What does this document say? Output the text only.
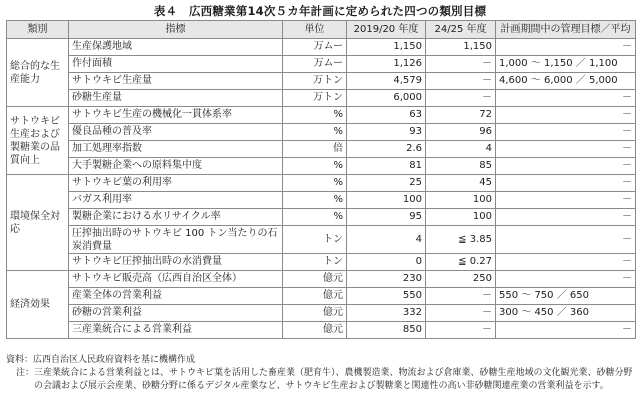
表４　広西糖業第14次５カ年計画に定められた四つの類別目標
類別	指標	単位	2019/20 年度	24/25 年度	計画期間中の管理目標／平均
総合的な生産能力	生産保護地域	万ムー	1,150	1,150	－
	作付面積	万ムー	1,126	－	1,000 ～ 1,150 ／ 1,100
	サトウキビ生産量	万トン	4,579	－	4,600 ～ 6,000 ／ 5,000
	砂糖生産量	万トン	6,000	－	－
サトウキビ生産および製糖業の品質向上	サトウキビ生産の機械化一貫体系率	%	63	72	－
	優良品種の普及率	%	93	96	－
	加工処理率指数	倍	2.6	4	－
	大手製糖企業への原料集中度	%	81	85	－
環境保全対応	サトウキビ葉の利用率	%	25	45	－
	バガス利用率	%	100	100	－
	製糖企業における水リサイクル率	%	95	100	－
	圧搾抽出時のサトウキビ 100 トン当たりの石炭消費量	トン	4	≦ 3.85	－
	サトウキビ圧搾抽出時の水消費量	トン	0	≦ 0.27	－
経済効果	サトウキビ販売高（広西自治区全体）	億元	230	250	－
	産業全体の営業利益	億元	550	－	550 ～ 750 ／ 650
	砂糖の営業利益	億元	332	－	300 ～ 450 ／ 360
	三産業統合による営業利益	億元	850	－	－
資料： 広西自治区人民政府資料を基に機構作成
注： 三産業統合による営業利益とは、サトウキビ葉を活用した畜産業（肥育牛）、農機製造業、物流および倉庫業、砂糖生産地域の文化観光業、砂糖分野の会議および展示会産業、砂糖分野に係るデジタル産業など、サトウキビ生産および製糖業と関連性の高い非砂糖関連産業の営業利益を示す。
